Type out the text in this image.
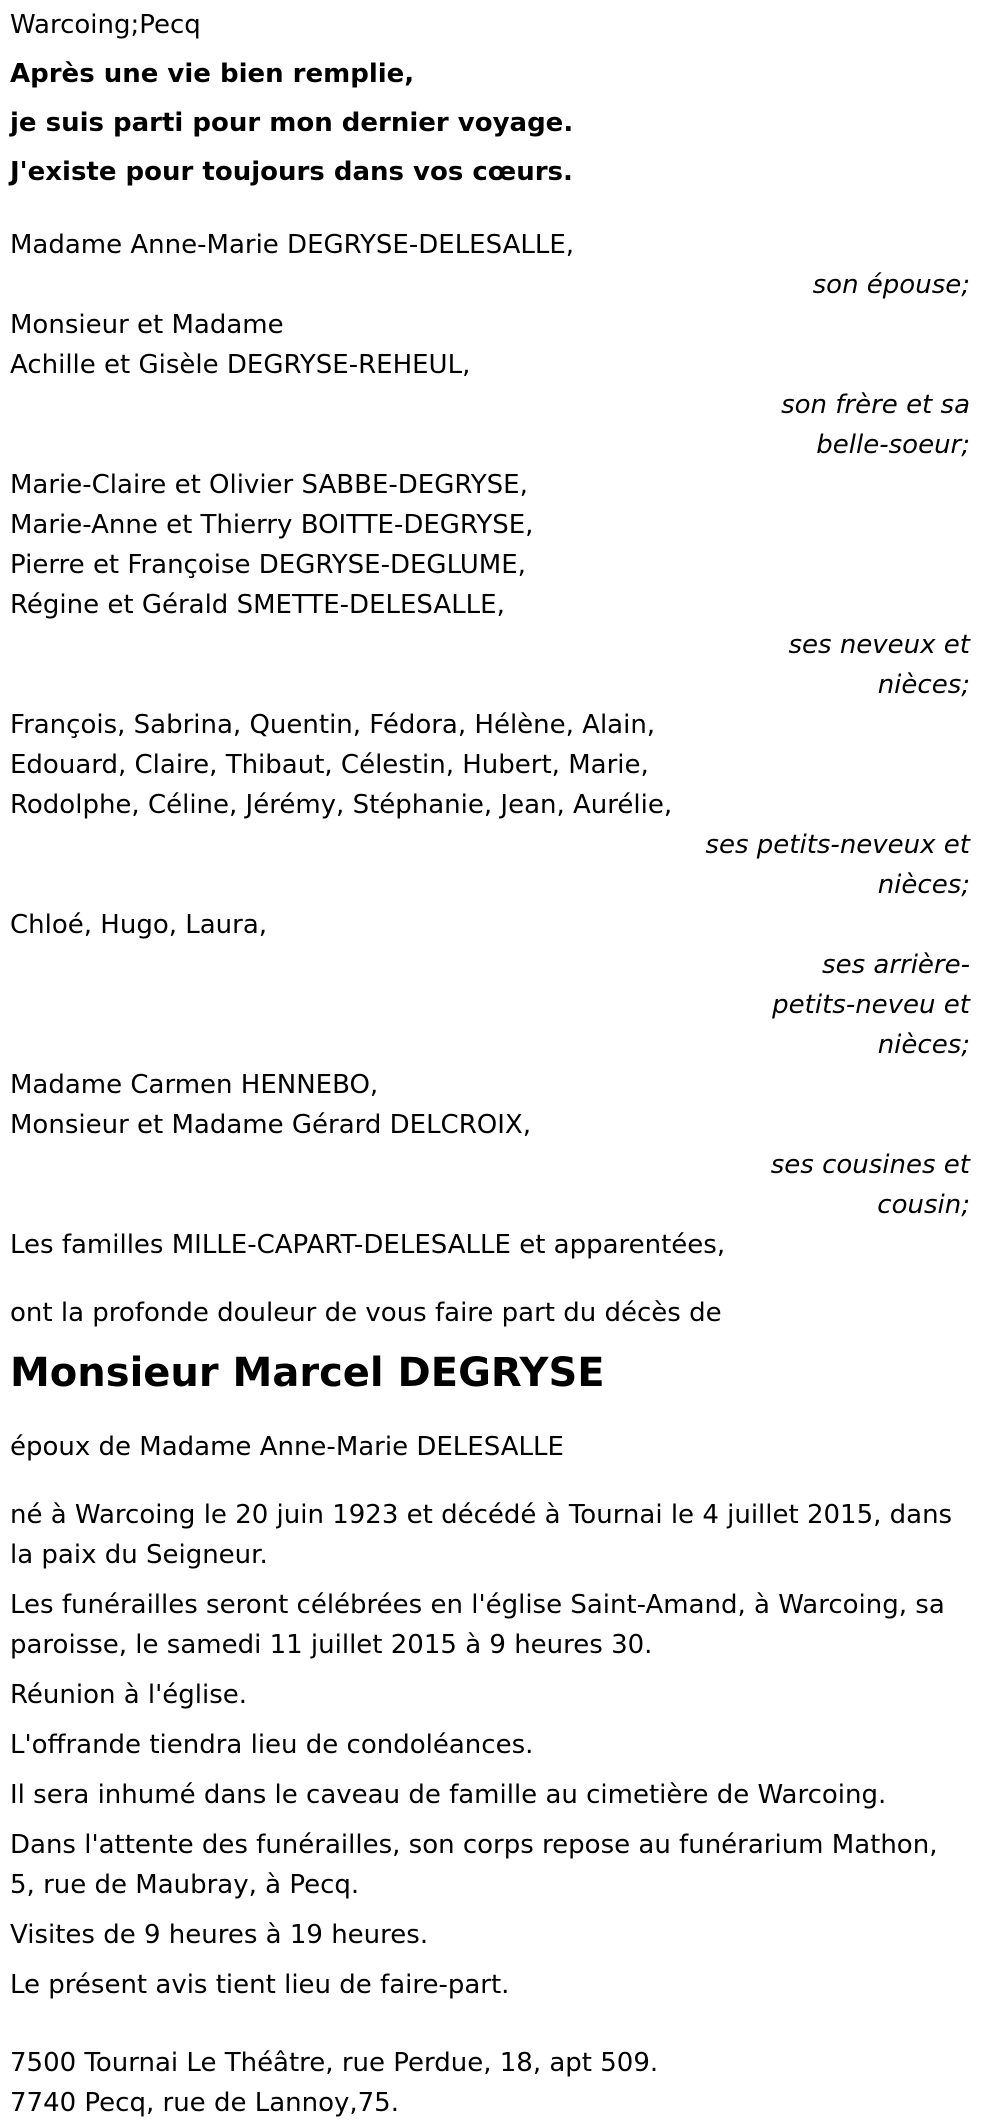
Warcoing;Pecq
Après une vie bien remplie,
je suis parti pour mon dernier voyage.
J'existe pour toujours dans vos cœurs.
Madame Anne-Marie DEGRYSE-DELESALLE,
son épouse;
Monsieur et Madame
Achille et Gisèle DEGRYSE-REHEUL,
son frère et sa
belle-soeur;
Marie-Claire et Olivier SABBE-DEGRYSE,
Marie-Anne et Thierry BOITTE-DEGRYSE,
Pierre et Françoise DEGRYSE-DEGLUME,
Régine et Gérald SMETTE-DELESALLE,
ses neveux et
nièces;
François, Sabrina, Quentin, Fédora, Hélène, Alain,
Edouard, Claire, Thibaut, Célestin, Hubert, Marie,
Rodolphe, Céline, Jérémy, Stéphanie, Jean, Aurélie,
ses petits-neveux et
nièces;
Chloé, Hugo, Laura,
ses arrière-
petits-neveu et
nièces;
Madame Carmen HENNEBO,
Monsieur et Madame Gérard DELCROIX,
ses cousines et
cousin;
Les familles MILLE-CAPART-DELESALLE et apparentées,
ont la profonde douleur de vous faire part du décès de
Monsieur Marcel DEGRYSE
époux de Madame Anne-Marie DELESALLE
né à Warcoing le 20 juin 1923 et décédé à Tournai le 4 juillet 2015, dans la paix du Seigneur.
Les funérailles seront célébrées en l'église Saint-Amand, à Warcoing, sa paroisse, le samedi 11 juillet 2015 à 9 heures 30.
Réunion à l'église.
L'offrande tiendra lieu de condoléances.
Il sera inhumé dans le caveau de famille au cimetière de Warcoing.
Dans l'attente des funérailles, son corps repose au funérarium Mathon, 5, rue de Maubray, à Pecq.
Visites de 9 heures à 19 heures.
Le présent avis tient lieu de faire-part.
7500 Tournai Le Théâtre, rue Perdue, 18, apt 509.
7740 Pecq, rue de Lannoy,75.
